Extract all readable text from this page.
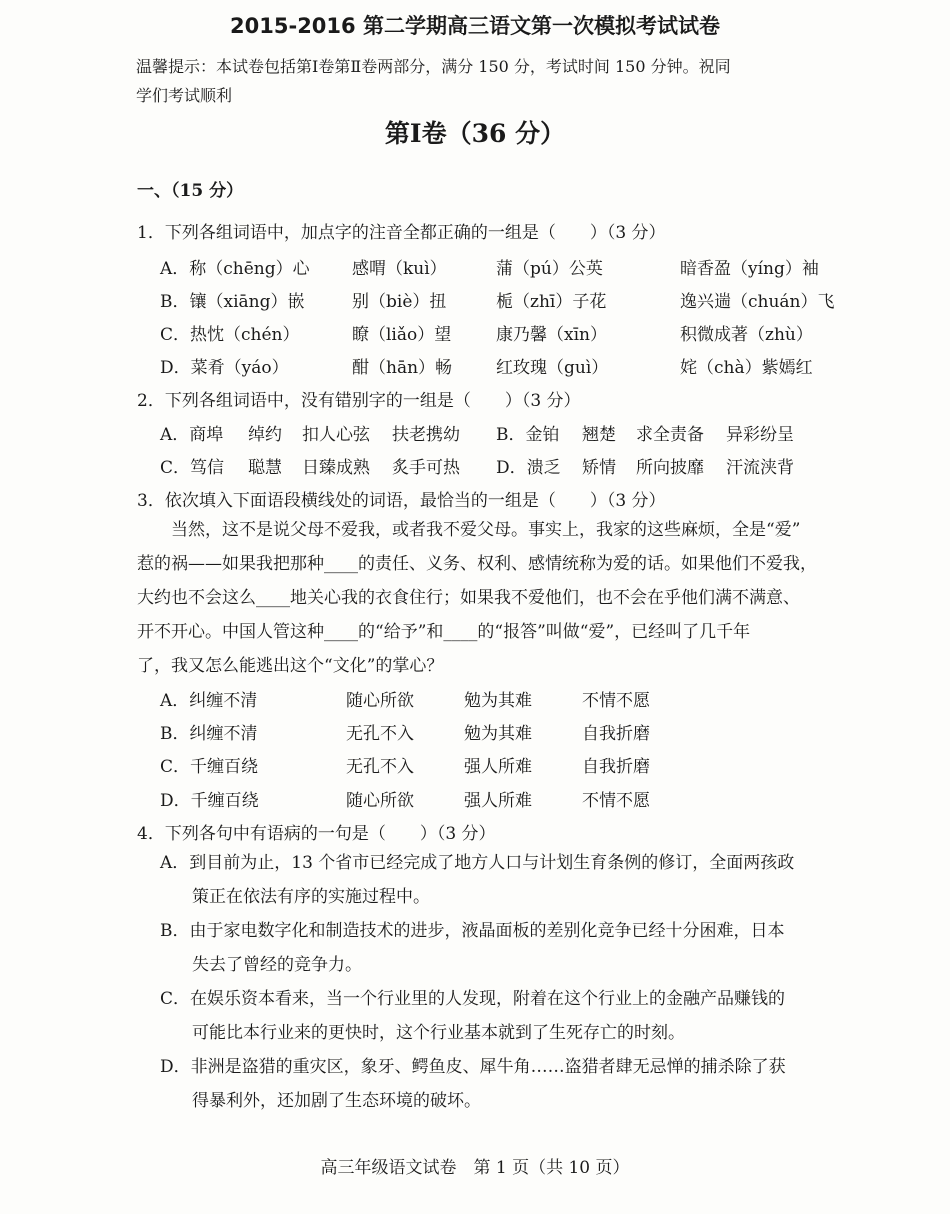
2015-2016 第二学期高三语文第一次模拟考试试卷
温馨提示：本试卷包括第Ⅰ卷第Ⅱ卷两部分，满分 150 分，考试时间 150 分钟。祝同
学们考试顺利
第Ⅰ卷（36 分）
一、（15 分）
1．下列各组词语中，加点字的注音全都正确的一组是（　　）（3 分）
A．称（chēng）心 感喟（kuì）	蒲（pú）公英	暗香盈（yíng）袖
B．镶（xiāng）嵌	别（biè）扭	栀（zhī）子花	逸兴遄（chuán）飞
C．热忱（chén）	瞭（liǎo）望	康乃馨（xīn）	积微成著（zhù）
D．菜肴（yáo）	酣（hān）畅	红玫瑰（guì）	姹（chà）紫嫣红
2．下列各组词语中，没有错别字的一组是（　　）（3 分）
A．商埠 绰约 扣人心弦 扶老携幼 B．金铂 翘楚 求全责备 异彩纷呈
C．笃信 聪慧 日臻成熟 炙手可热 D．溃乏 矫情 所向披靡 汗流浃背
3．依次填入下面语段横线处的词语，最恰当的一组是（　　）（3 分）
　　当然，这不是说父母不爱我，或者我不爱父母。事实上，我家的这些麻烦，全是“爱”
惹的祸——如果我把那种____的责任、义务、权利、感情统称为爱的话。如果他们不爱我，
大约也不会这么____地关心我的衣食住行；如果我不爱他们，也不会在乎他们满不满意、
开不开心。中国人管这种____的“给予”和____的“报答”叫做“爱”，已经叫了几千年
了，我又怎么能逃出这个“文化”的掌心？
A．纠缠不清	随心所欲	勉为其难	不情不愿
B．纠缠不清	无孔不入	勉为其难	自我折磨
C．千缠百绕	无孔不入	强人所难	自我折磨
D．千缠百绕	随心所欲	强人所难	不情不愿
4．下列各句中有语病的一句是（　　）（3 分）
A．到目前为止，13 个省市已经完成了地方人口与计划生育条例的修订，全面两孩政
策正在依法有序的实施过程中。
B．由于家电数字化和制造技术的进步，液晶面板的差别化竞争已经十分困难，日本
失去了曾经的竞争力。
C．在娱乐资本看来，当一个行业里的人发现，附着在这个行业上的金融产品赚钱的
可能比本行业来的更快时，这个行业基本就到了生死存亡的时刻。
D．非洲是盗猎的重灾区，象牙、鳄鱼皮、犀牛角……盗猎者肆无忌惮的捕杀除了获
得暴利外，还加剧了生态环境的破坏。
高三年级语文试卷　第 1 页（共 10 页）
